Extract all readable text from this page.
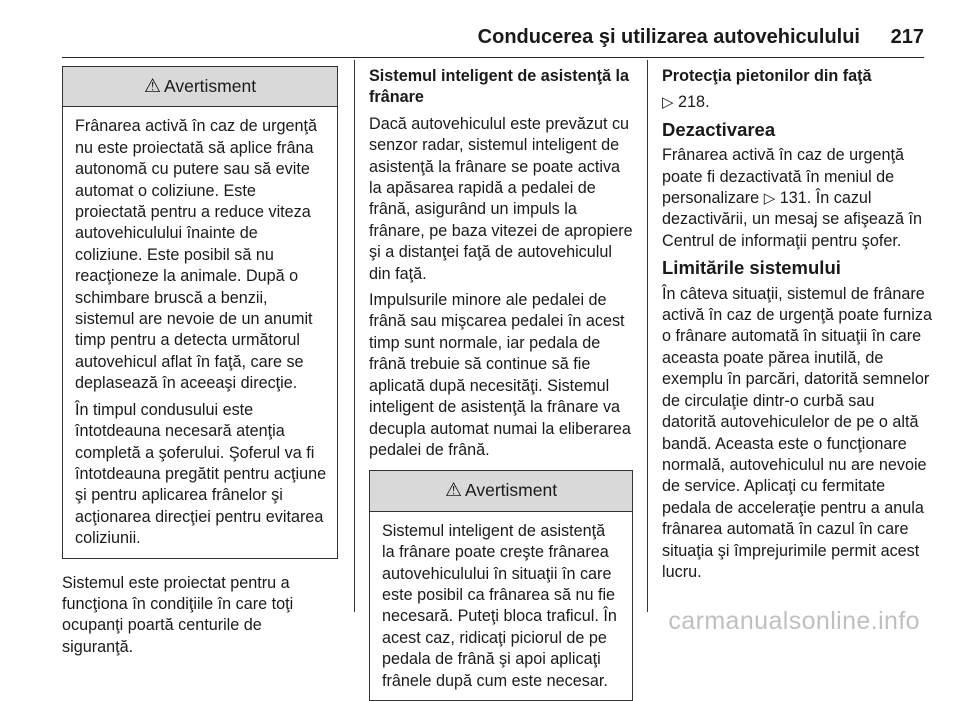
Conducerea şi utilizarea autovehiculului 217
⚠ Avertisment

Frânarea activă în caz de urgenţă nu este proiectată să aplice frâna autonomă cu putere sau să evite automat o coliziune. Este proiectată pentru a reduce viteza autovehiculului înainte de coliziune. Este posibil să nu reacţioneze la animale. După o schimbare bruscă a benzii, sistemul are nevoie de un anumit timp pentru a detecta următorul autovehicul aflat în faţă, care se deplasează în aceeaşi direcţie.

În timpul condusului este întotdeauna necesară atenţia completă a şoferului. Şoferul va fi întotdeauna pregătit pentru acţiune şi pentru aplicarea frânelor şi acţionarea direcţiei pentru evitarea coliziunii.

Sistemul este proiectat pentru a funcţiona în condiţiile în care toţi ocupanţi poartă centurile de siguranţă.

Sistemul inteligent de asistenţă la frânare

Dacă autovehiculul este prevăzut cu senzor radar, sistemul inteligent de asistenţă la frânare se poate activa la apăsarea rapidă a pedalei de frână, asigurând un impuls la frânare, pe baza vitezei de apropiere şi a distanţei faţă de autovehiculul din faţă.

Impulsurile minore ale pedalei de frână sau mişcarea pedalei în acest timp sunt normale, iar pedala de frână trebuie să continue să fie aplicată după necesităţi. Sistemul inteligent de asistenţă la frânare va decupla automat numai la eliberarea pedalei de frână.

⚠ Avertisment

Sistemul inteligent de asistenţă la frânare poate creşte frânarea autovehiculului în situaţii în care este posibil ca frânarea să nu fie necesară. Puteţi bloca traficul. În acest caz, ridicaţi piciorul de pe pedala de frână şi apoi aplicaţi frânele după cum este necesar.

Protecţia pietonilor din faţă

▷ 218.

Dezactivarea

Frânarea activă în caz de urgenţă poate fi dezactivată în meniul de personalizare ▷ 131. În cazul dezactivării, un mesaj se afişează în Centrul de informaţii pentru şofer.

Limitările sistemului

În câteva situaţii, sistemul de frânare activă în caz de urgenţă poate furniza o frânare automată în situaţii în care aceasta poate părea inutilă, de exemplu în parcări, datorită semnelor de circulaţie dintr-o curbă sau datorită autovehiculelor de pe o altă bandă. Aceasta este o funcţionare normală, autovehiculul nu are nevoie de service. Aplicaţi cu fermitate pedala de acceleraţie pentru a anula frânarea automată în cazul în care situaţia şi împrejurimile permit acest lucru.

carmanualsonline.info
